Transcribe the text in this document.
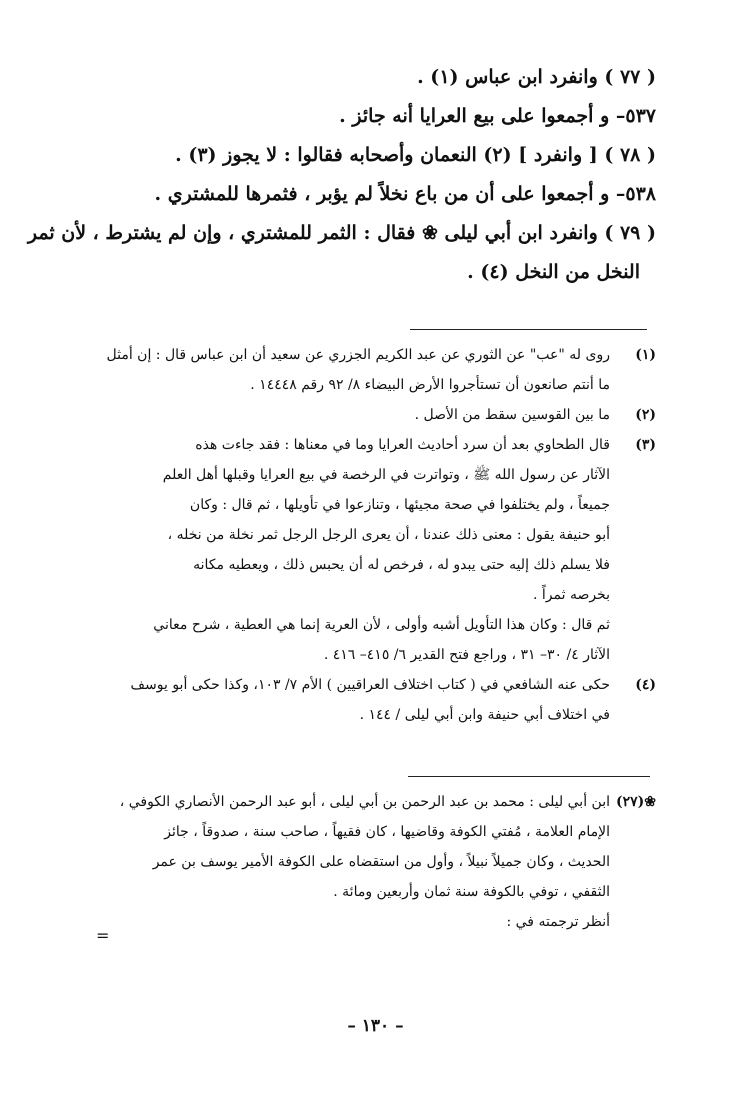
( ٧٧ ) وانفرد ابن عباس (١) .

٥٣٧– و أجمعوا على بيع العرايا أنه جائز .

( ٧٨ ) [ وانفرد ] (٢) النعمان وأصحابه فقالوا : لا يجوز (٣) .

٥٣٨– و أجمعوا على أن من باع نخلاً لم يؤبر ، فثمرها للمشتري .

( ٧٩ ) وانفرد ابن أبي ليلى ❀ فقال : الثمر للمشتري ، وإن لم يشترط ، لأن ثمر

النخل من النخل (٤) .

(١)
روى له "عب" عن الثوري عن عبد الكريم الجزري عن سعيد أن ابن عباس قال : إن أمثل
ما أنتم صانعون أن تستأجروا الأرض البيضاء ٨/ ٩٢ رقم ١٤٤٤٨ .
(٢)
ما بين القوسين سقط من الأصل .
(٣)
قال الطحاوي بعد أن سرد أحاديث العرايا وما في معناها : فقد جاءت هذه
الآثار عن رسول الله ﷺ ، وتواترت في الرخصة في بيع العرايا وقبلها أهل العلم
جميعاً ، ولم يختلفوا في صحة مجيئها ، وتنازعوا في تأويلها ، ثم قال : وكان
أبو حنيفة يقول : معنى ذلك عندنا ، أن يعرى الرجل الرجل ثمر نخلة من نخله ،
فلا يسلم ذلك إليه حتى يبدو له ، فرخص له أن يحبس ذلك ، ويعطيه مكانه
بخرصه ثمراً .
ثم قال : وكان هذا التأويل أشبه وأولى ، لأن العرية إنما هي العطية ، شرح معاني
الآثار ٤/ ٣٠– ٣١ ، وراجع فتح القدير ٦/ ٤١٥– ٤١٦ .
(٤)
حكى عنه الشافعي في ( كتاب اختلاف العراقيين ) الأم ٧/ ١٠٣، وكذا حكى أبو يوسف
في اختلاف أبي حنيفة وابن أبي ليلى / ١٤٤ .
❀(٢٧)
ابن أبي ليلى : محمد بن عبد الرحمن بن أبي ليلى ، أبو عبد الرحمن الأنصاري الكوفي ،
الإمام العلامة ، مُفتي الكوفة وقاضيها ، كان فقيهاً ، صاحب سنة ، صدوقاً ، جائز
الحديث ، وكان جميلاً نبيلاً ، وأول من استقضاه على الكوفة الأمير يوسف بن عمر
الثقفي ، توفي بالكوفة سنة ثمان وأربعين ومائة .
أنظر ترجمته في :
=
– ١٣٠ –
